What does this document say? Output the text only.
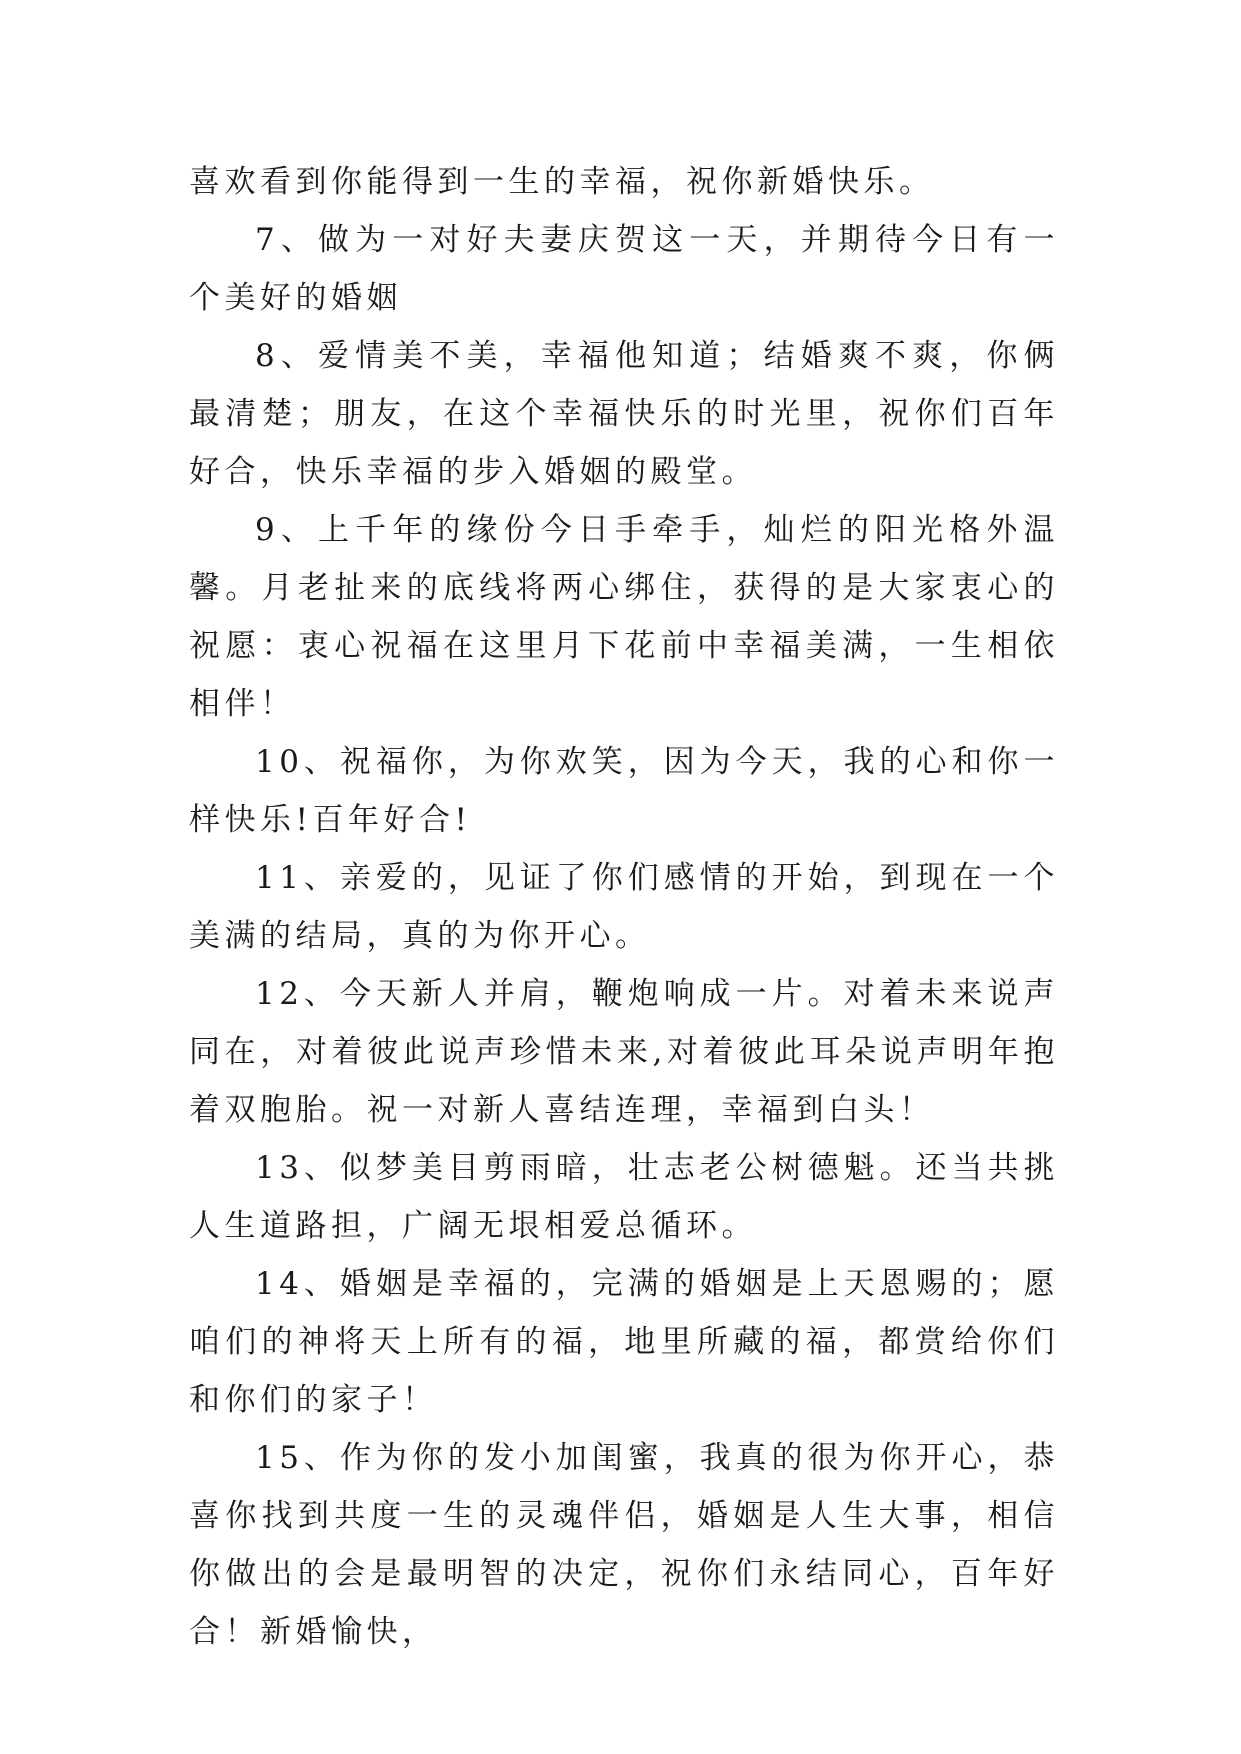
喜欢看到你能得到一生的幸福，祝你新婚快乐。

7、做为一对好夫妻庆贺这一天，并期待今日有一个美好的婚姻

8、爱情美不美，幸福他知道；结婚爽不爽，你俩最清楚；朋友，在这个幸福快乐的时光里，祝你们百年好合，快乐幸福的步入婚姻的殿堂。

9、上千年的缘份今日手牵手，灿烂的阳光格外温馨。月老扯来的底线将两心绑住，获得的是大家衷心的祝愿：衷心祝福在这里月下花前中幸福美满，一生相依相伴！

10、祝福你，为你欢笑，因为今天，我的心和你一样快乐!百年好合!

11、亲爱的，见证了你们感情的开始，到现在一个美满的结局，真的为你开心。

12、今天新人并肩，鞭炮响成一片。对着未来说声同在，对着彼此说声珍惜未来,对着彼此耳朵说声明年抱着双胞胎。祝一对新人喜结连理，幸福到白头！

13、似梦美目剪雨暗，壮志老公树德魁。还当共挑人生道路担，广阔无垠相爱总循环。

14、婚姻是幸福的，完满的婚姻是上天恩赐的；愿咱们的神将天上所有的福，地里所藏的福，都赏给你们和你们的家子！

15、作为你的发小加闺蜜，我真的很为你开心，恭喜你找到共度一生的灵魂伴侣，婚姻是人生大事，相信你做出的会是最明智的决定，祝你们永结同心，百年好合！新婚愉快，
